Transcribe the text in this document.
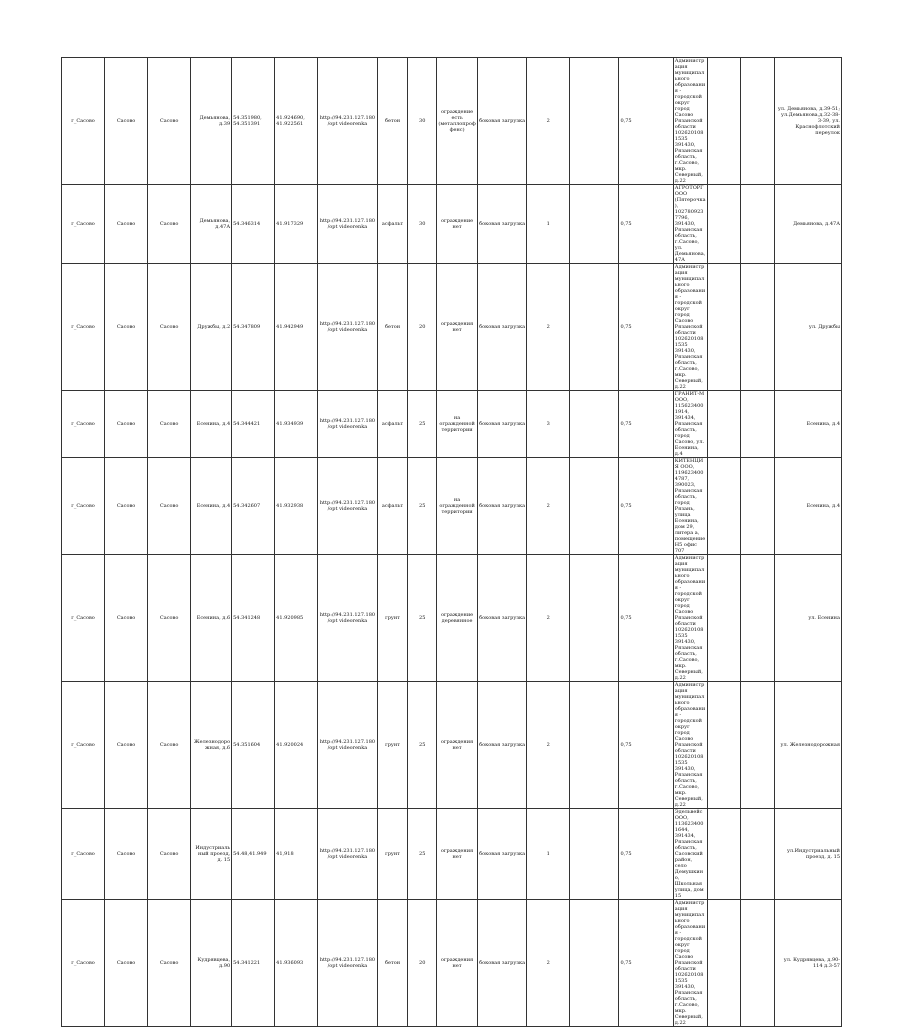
г_Сасово	Сасово	Сасово	Демьянова, д.39	54.351980, 54.351391	41.924690, 41.922561	http://94.231.127.180/opt videorenka	бетон	30	ограждение есть (металлопроф фенс)	боковая загрузка	2		0,75	Администрация муниципального образования - городской округ город Сасово Рязанской области 1026201081535 391430, Рязанская область, г.Сасово, мкр. Северный, д.22			ул. Демьянова, д.39-51; ул.Демьянова,д.32-38-3-39, ул. Краснофлотский переулок
г_Сасово	Сасово	Сасово	Демьянова, д.47А	54.346314	41.917329	http://94.231.127.180/opt videorenka	асфальт	30	ограждение нет	боковая загрузка	1		0,75	АГРОТОРГ ООО (Пятерочка), 1027809237796, 391430, Рязанская область, г.Сасово, ул. Демьянова, 47А			Демьянова, д.47А
г_Сасово	Сасово	Сасово	Дружбы, д.2	54.347809	41.942949	http://94.231.127.180/opt videorenka	бетон	20	ограждения нет	боковая загрузка	2		0,75	Администрация муниципального образования - городской округ город Сасово Рязанской области 1026201081535 391430, Рязанская область, г.Сасово, мкр. Северный, д.22			ул. Дружбы
г_Сасово	Сасово	Сасово	Есенина, д.4	54.344421	41.934939	http://94.231.127.180/opt videorenka	асфальт	25	на огражденной территории	боковая загрузка	3		0,75	ГРАНИТ-М ООО, 1156234001914, 391434, Рязанская область, город Сасово, ул. Есенина, д.4			Есенина, д.4
г_Сасово	Сасово	Сасово	Есенина, д.4	54.342607	41.932938	http://94.231.127.180/opt videorenka	асфальт	25	на огражденной территории	боковая загрузка	2		0,75	КИТЕНЦИЯ ООО, 1196234004787, 390023, Рязанская область, город Рязань, улица Есенина, дом 29, литера а, помещение Н5 офис 707			Есенина, д.4
г_Сасово	Сасово	Сасово	Есенина, д.6	54.341248	41.920985	http://94.231.127.180/opt videorenka	грунт	25	ограждение деревянное	боковая загрузка	2		0,75	Администрация муниципального образования - городской округ город Сасово Рязанской области 1026201081535 391430, Рязанская область, г.Сасово, мкр. Северный, д.22			ул. Есенина
г_Сасово	Сасово	Сасово	Железнодорожная, д.6	54.351604	41.920024	http://94.231.127.180/opt videorenka	грунт	25	ограждения нет	боковая загрузка	2		0,75	Администрация муниципального образования - городской округ город Сасово Рязанской области 1026201081535 391430, Рязанская область, г.Сасово, мкр. Северный, д.22			ул. Железнодорожная
г_Сасово	Сасово	Сасово	Индустриальный проезд, д. 15	54.48,41.949	41,918	http://94.231.127.180/opt videorenka	грунт	25	ограждения нет	боковая загрузка	1		0,75	Эдельвейс ООО, 1136234001644, 391434, Рязанская область, Сасовский район, село Демушкино, Школьная улица, дом 15			ул.Индустриальный проезд, д. 15
г_Сасово	Сасово	Сасово	Кудрявцева, д.90	54.341221	41.936093	http://94.231.127.180/opt videorenka	бетон	20	ограждения нет	боковая загрузка	2		0,75	Администрация муниципального образования - городской округ город Сасово Рязанской области 1026201081535 391430, Рязанская область, г.Сасово, мкр. Северный, д.22			ул. Кудрявцева, д.90-114 д.3-57
